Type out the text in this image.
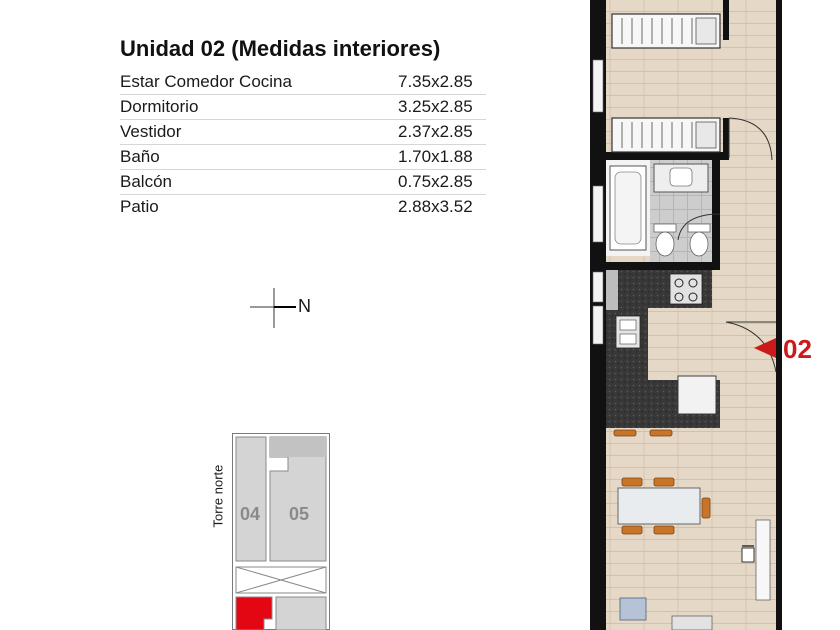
Unidad 02 (Medidas interiores)
Estar Comedor Cocina	7.35x2.85
Dormitorio	3.25x2.85
Vestidor	2.37x2.85
Baño	1.70x1.88
Balcón	0.75x2.85
Patio	2.88x3.52
N
Torre norte 04 05
02
